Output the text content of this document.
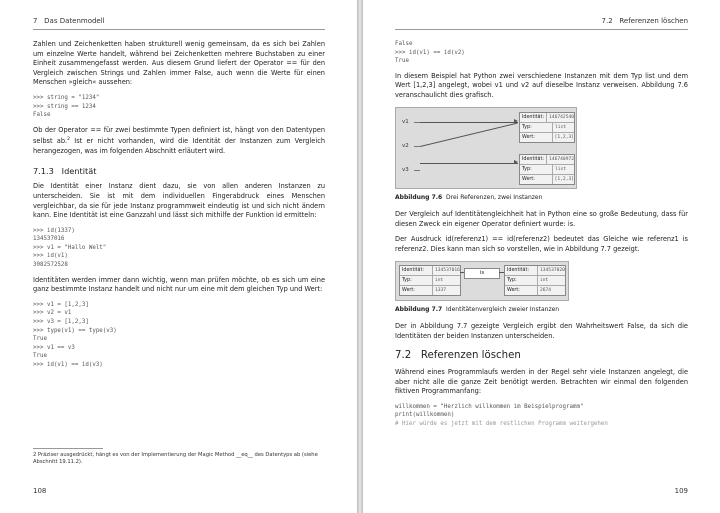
7 Das Datenmodell

Zahlen und Zeichenketten haben strukturell wenig gemeinsam, da es sich bei Zahlen um einzelne Werte handelt, während bei Zeichenketten mehrere Buchstaben zu einer Einheit zusammengefasst werden. Aus diesem Grund liefert der Operator == für den Vergleich zwischen Strings und Zahlen immer False, auch wenn die Werte für einen Menschen »gleich« aussehen:

>>> string = "1234"
>>> string == 1234
False

Ob der Operator == für zwei bestimmte Typen definiert ist, hängt von den Datentypen selbst ab.$^2$ Ist er nicht vorhanden, wird die Identität der Instanzen zum Vergleich herangezogen, was im folgenden Abschnitt erläutert wird.

7.1.3 Identität

Die Identität einer Instanz dient dazu, sie von allen anderen Instanzen zu unterscheiden. Sie ist mit dem individuellen Fingerabdruck eines Menschen vergleichbar, da sie für jede Instanz programmweit eindeutig ist und sich nicht ändern kann. Eine Identität ist eine Ganzzahl und lässt sich mithilfe der Funktion id ermitteln:

>>> id(1337)
134537016
>>> v1 = "Hallo Welt"
>>> id(v1)
3082572528

Identitäten werden immer dann wichtig, wenn man prüfen möchte, ob es sich um eine ganz bestimmte Instanz handelt und nicht nur um eine mit dem gleichen Typ und Wert:

>>> v1 = [1,2,3]
>>> v2 = v1
>>> v3 = [1,2,3]
>>> type(v1) == type(v3)
True
>>> v1 == v3
True
>>> id(v1) == id(v3)
2 Präziser ausgedrückt, hängt es von der Implementierung der Magic Method __eq__ des Datentyps ab (siehe Abschnitt 19.11.2).
108
7.2 Referenzen löschen
False
>>> id(v1) == id(v2)
True

In diesem Beispiel hat Python zwei verschiedene Instanzen mit dem Typ list und dem Wert [1,2,3] angelegt, wobei v1 und v2 auf dieselbe Instanz verweisen. Abbildung 7.6 veranschaulicht dies grafisch.

v1
v2
v3
Identität:	146742540
Typ:	list
Wert:	[1,2,3]
Identität:	146740972
Typ:	list
Wert:	[1,2,3]
Abbildung 7.6 Drei Referenzen, zwei Instanzen

Der Vergleich auf Identitätengleichheit hat in Python eine so große Bedeutung, dass für diesen Zweck ein eigener Operator definiert wurde: is.

Der Ausdruck id(referenz1) == id(referenz2) bedeutet das Gleiche wie referenz1 is referenz2. Dies kann man sich so vorstellen, wie in Abbildung 7.7 gezeigt.

Identität:	134537016
Typ:	int
Wert:	1337
is	Identität:	134537020
Typ:	int
Wert:	2674
Abbildung 7.7 Identitätenvergleich zweier Instanzen

Der in Abbildung 7.7 gezeigte Vergleich ergibt den Wahrheitswert False, da sich die Identitäten der beiden Instanzen unterscheiden.

7.2 Referenzen löschen

Während eines Programmlaufs werden in der Regel sehr viele Instanzen angelegt, die aber nicht alle die ganze Zeit benötigt werden. Betrachten wir einmal den folgenden fiktiven Programmanfang:

willkommen = "Herzlich willkommen im Beispielprogramm"
print(willkommen)
# Hier würde es jetzt mit dem restlichen Programm weitergehen
109
